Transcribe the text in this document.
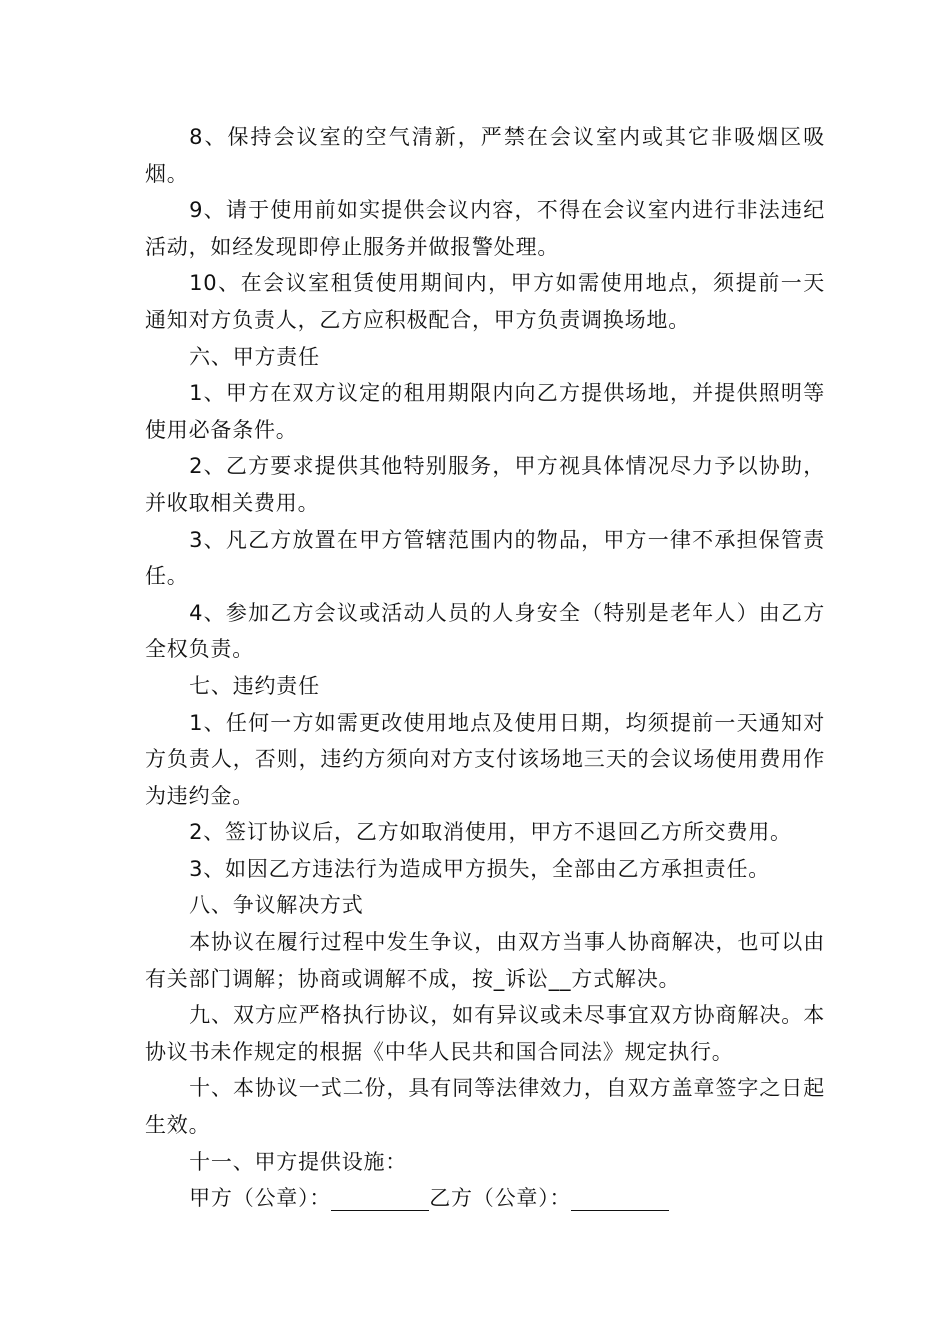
8、保持会议室的空气清新，严禁在会议室内或其它非吸烟区吸烟。

9、请于使用前如实提供会议内容，不得在会议室内进行非法违纪活动，如经发现即停止服务并做报警处理。

10、在会议室租赁使用期间内，甲方如需使用地点，须提前一天通知对方负责人，乙方应积极配合，甲方负责调换场地。

六、甲方责任

1、甲方在双方议定的租用期限内向乙方提供场地，并提供照明等使用必备条件。

2、乙方要求提供其他特别服务，甲方视具体情况尽力予以协助，并收取相关费用。

3、凡乙方放置在甲方管辖范围内的物品，甲方一律不承担保管责任。

4、参加乙方会议或活动人员的人身安全（特别是老年人）由乙方全权负责。

七、违约责任

1、任何一方如需更改使用地点及使用日期，均须提前一天通知对方负责人，否则，违约方须向对方支付该场地三天的会议场使用费用作为违约金。

2、签订协议后，乙方如取消使用，甲方不退回乙方所交费用。

3、如因乙方违法行为造成甲方损失，全部由乙方承担责任。

八、争议解决方式

本协议在履行过程中发生争议，由双方当事人协商解决，也可以由有关部门调解；协商或调解不成，按_诉讼__方式解决。

九、双方应严格执行协议，如有异议或未尽事宜双方协商解决。本协议书未作规定的根据《中华人民共和国合同法》规定执行。

十、本协议一式二份，具有同等法律效力，自双方盖章签字之日起生效。

十一、甲方提供设施：

甲方（公章）：	乙方（公章）：
